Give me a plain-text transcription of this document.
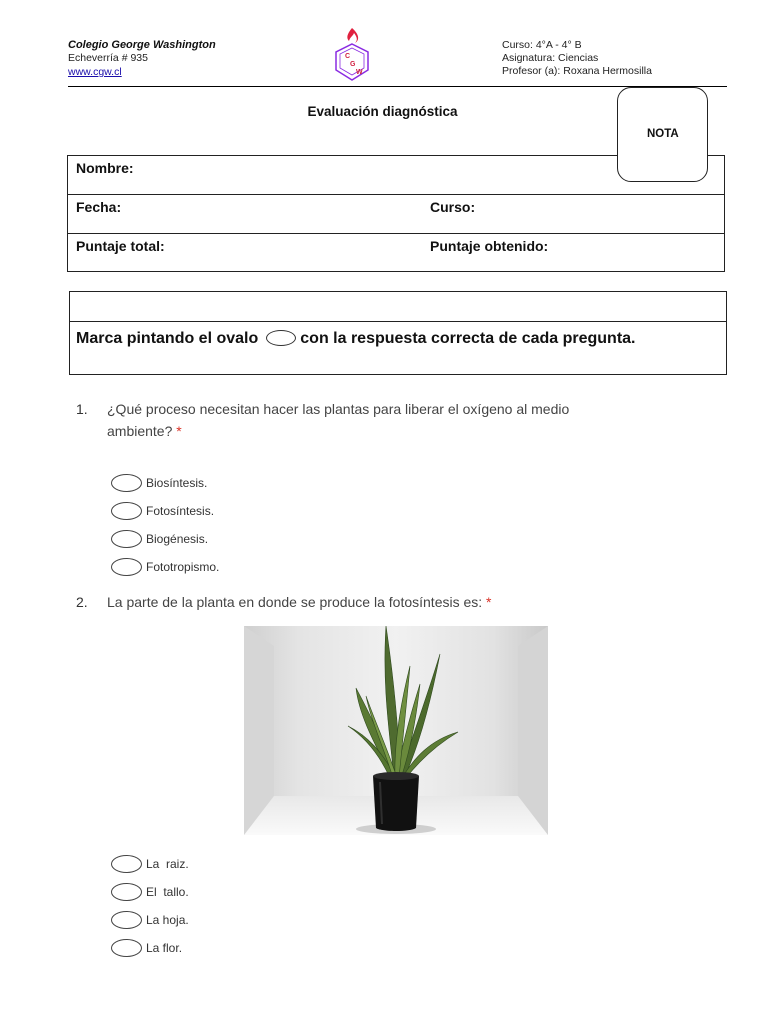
Colegio George Washington
Echeverría # 935
www.cgw.cl
C
G
W
Curso: 4°A - 4° B
Asignatura: Ciencias
Profesor (a): Roxana Hermosilla
Evaluación diagnóstica
NOTA
Nombre:
Fecha:	Curso:
Puntaje total:	Puntaje obtenido:
Marca pintando el ovalo	con la respuesta correcta de cada pregunta.
1. ¿Qué proceso necesitan hacer las plantas para liberar el oxígeno al medio
ambiente? *
Biosíntesis.
Fotosíntesis.
Biogénesis.
Fototropismo.
2. La parte de la planta en donde se produce la fotosíntesis es: *
La  raiz.
El  tallo.
La hoja.
La flor.
